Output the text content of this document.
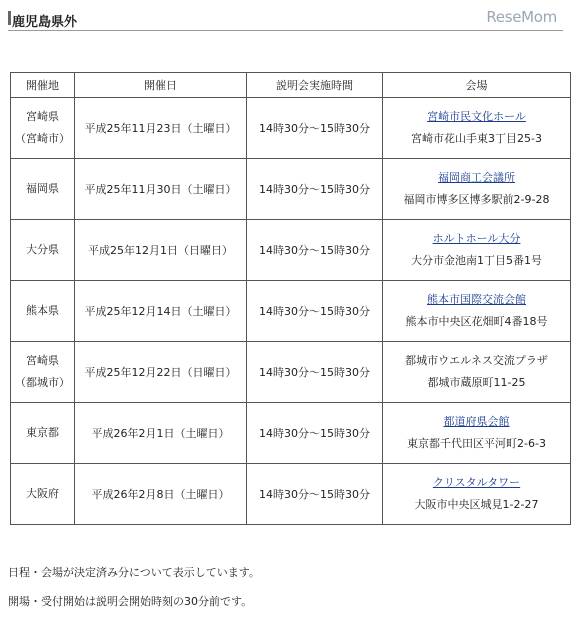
鹿児島県外	ReseMom
開催地	開催日	説明会実施時間	会場

宮崎県
（宮崎市）	平成25年11月23日（土曜日）	14時30分～15時30分	宮崎市民文化ホール
宮崎市花山手東3丁目25-3

福岡県	平成25年11月30日（土曜日）	14時30分～15時30分	福岡商工会議所
福岡市博多区博多駅前2-9-28

大分県	平成25年12月1日（日曜日）	14時30分～15時30分	ホルトホール大分
大分市金池南1丁目5番1号

熊本県	平成25年12月14日（土曜日）	14時30分～15時30分	熊本市国際交流会館
熊本市中央区花畑町4番18号

宮崎県
（都城市）	平成25年12月22日（日曜日）	14時30分～15時30分	都城市ウエルネス交流プラザ
都城市蔵原町11-25

東京都	平成26年2月1日（土曜日）	14時30分～15時30分	都道府県会館
東京都千代田区平河町2-6-3

大阪府	平成26年2月8日（土曜日）	14時30分～15時30分	クリスタルタワー
大阪市中央区城見1-2-27

日程・会場が決定済み分について表示しています。

開場・受付開始は説明会開始時刻の30分前です。
